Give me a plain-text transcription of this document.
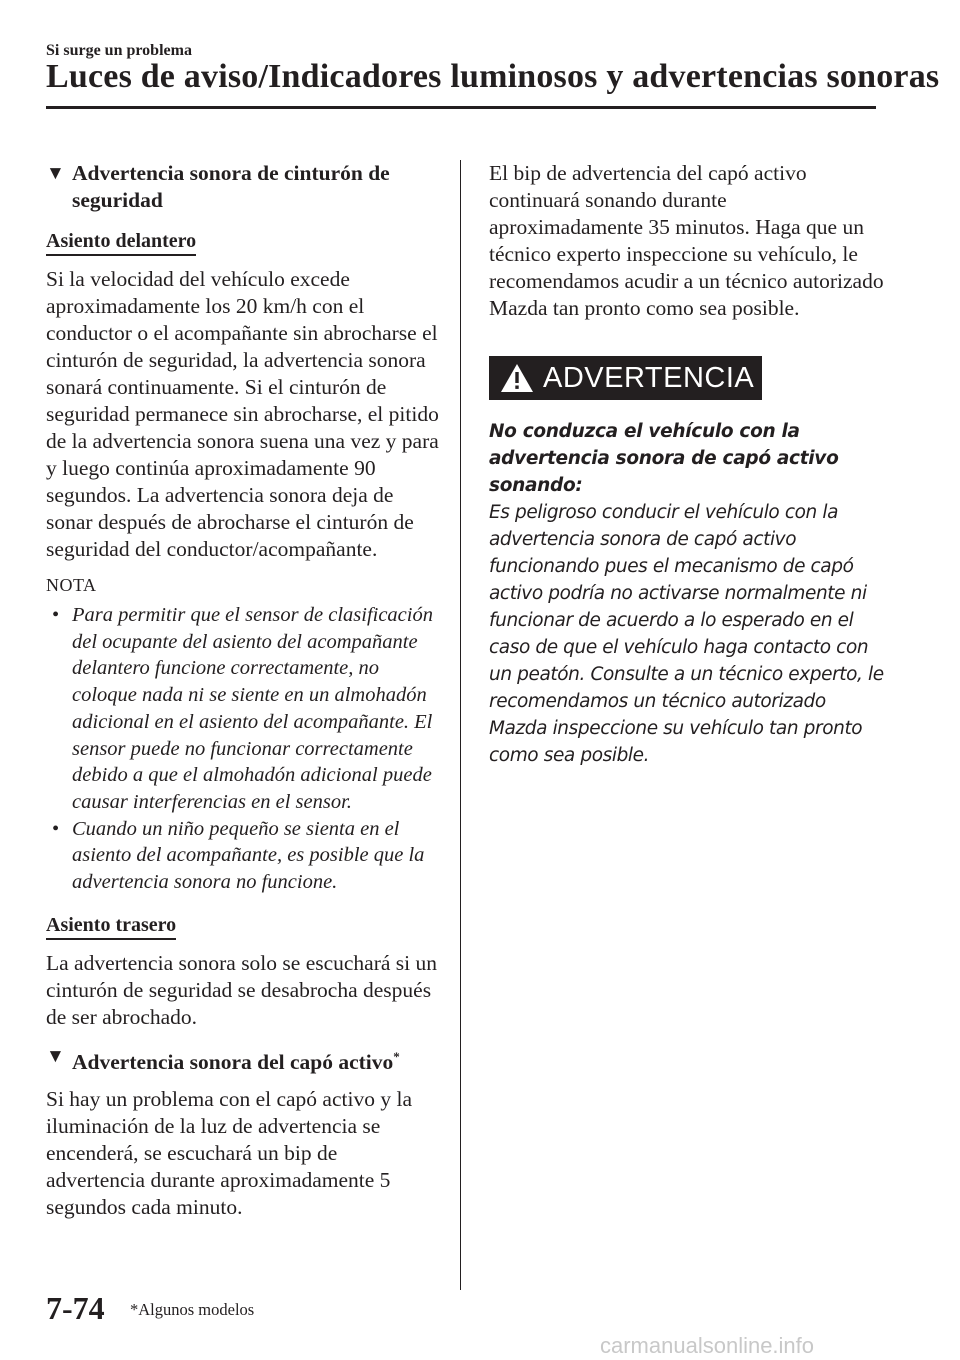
Si surge un problema
Luces de aviso/Indicadores luminosos y advertencias sonoras
▼ Advertencia sonora de cinturón de seguridad
Asiento delantero

Si la velocidad del vehículo excede aproximadamente los 20 km/h con el conductor o el acompañante sin abrocharse el cinturón de seguridad, la advertencia sonora sonará continuamente. Si el cinturón de seguridad permanece sin abrocharse, el pitido de la advertencia sonora suena una vez y para y luego continúa aproximadamente 90 segundos. La advertencia sonora deja de sonar después de abrocharse el cinturón de seguridad del conductor/acompañante.

NOTA
• Para permitir que el sensor de clasificación del ocupante del asiento del acompañante delantero funcione correctamente, no coloque nada ni se siente en un almohadón adicional en el asiento del acompañante. El sensor puede no funcionar correctamente debido a que el almohadón adicional puede causar interferencias en el sensor.
• Cuando un niño pequeño se sienta en el asiento del acompañante, es posible que la advertencia sonora no funcione.
Asiento trasero

La advertencia sonora solo se escuchará si un cinturón de seguridad se desabrocha después de ser abrochado.

▼ Advertencia sonora del capó activo*

Si hay un problema con el capó activo y la iluminación de la luz de advertencia se encenderá, se escuchará un bip de advertencia durante aproximadamente 5 segundos cada minuto.

El bip de advertencia del capó activo continuará sonando durante aproximadamente 35 minutos. Haga que un técnico experto inspeccione su vehículo, le recomendamos acudir a un técnico autorizado Mazda tan pronto como sea posible.

ADVERTENCIA

No conduzca el vehículo con la advertencia sonora de capó activo sonando:

Es peligroso conducir el vehículo con la advertencia sonora de capó activo funcionando pues el mecanismo de capó activo podría no activarse normalmente ni funcionar de acuerdo a lo esperado en el caso de que el vehículo haga contacto con un peatón. Consulte a un técnico experto, le recomendamos un técnico autorizado Mazda inspeccione su vehículo tan pronto como sea posible.

7-74 *Algunos modelos
carmanualsonline.info
